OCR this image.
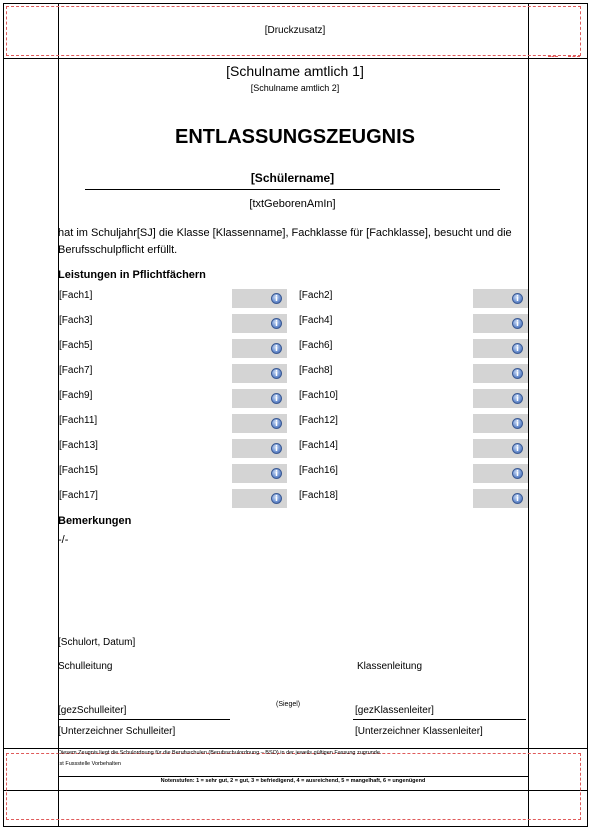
[Druckzusatz]
[Schulname amtlich 1]
[Schulname amtlich 2]
ENTLASSUNGSZEUGNIS
[Schülername]
[txtGeborenAmIn]
hat im Schuljahr[SJ] die Klasse [Klassenname], Fachklasse für [Fachklasse], besucht und die
Berufsschulpflicht erfüllt.
Leistungen in Pflichtfächern
[Fach1]	i	[Fach2]	i
[Fach3]	i	[Fach4]	i
[Fach5]	i	[Fach6]	i
[Fach7]	i	[Fach8]	i
[Fach9]	i	[Fach10]	i
[Fach11]	i	[Fach12]	i
[Fach13]	i	[Fach14]	i
[Fach15]	i	[Fach16]	i
[Fach17]	i	[Fach18]	i
Bemerkungen
-/-
[Schulort, Datum]
Schulleitung	Klassenleitung
(Siegel)
[gezSchulleiter]	[gezKlassenleiter]
[Unterzeichner Schulleiter]	[Unterzeichner Klassenleiter]
Diesem Zeugnis liegt die Schulordnung für die Berufsschulen (Berufsschulordnung – BSO) in der jeweils gültigen Fassung zugrunde.
Ist Fussstelle Vorbehalten
Notenstufen: 1 = sehr gut, 2 = gut, 3 = befriedigend, 4 = ausreichend, 5 = mangelhaft, 6 = ungenügend
